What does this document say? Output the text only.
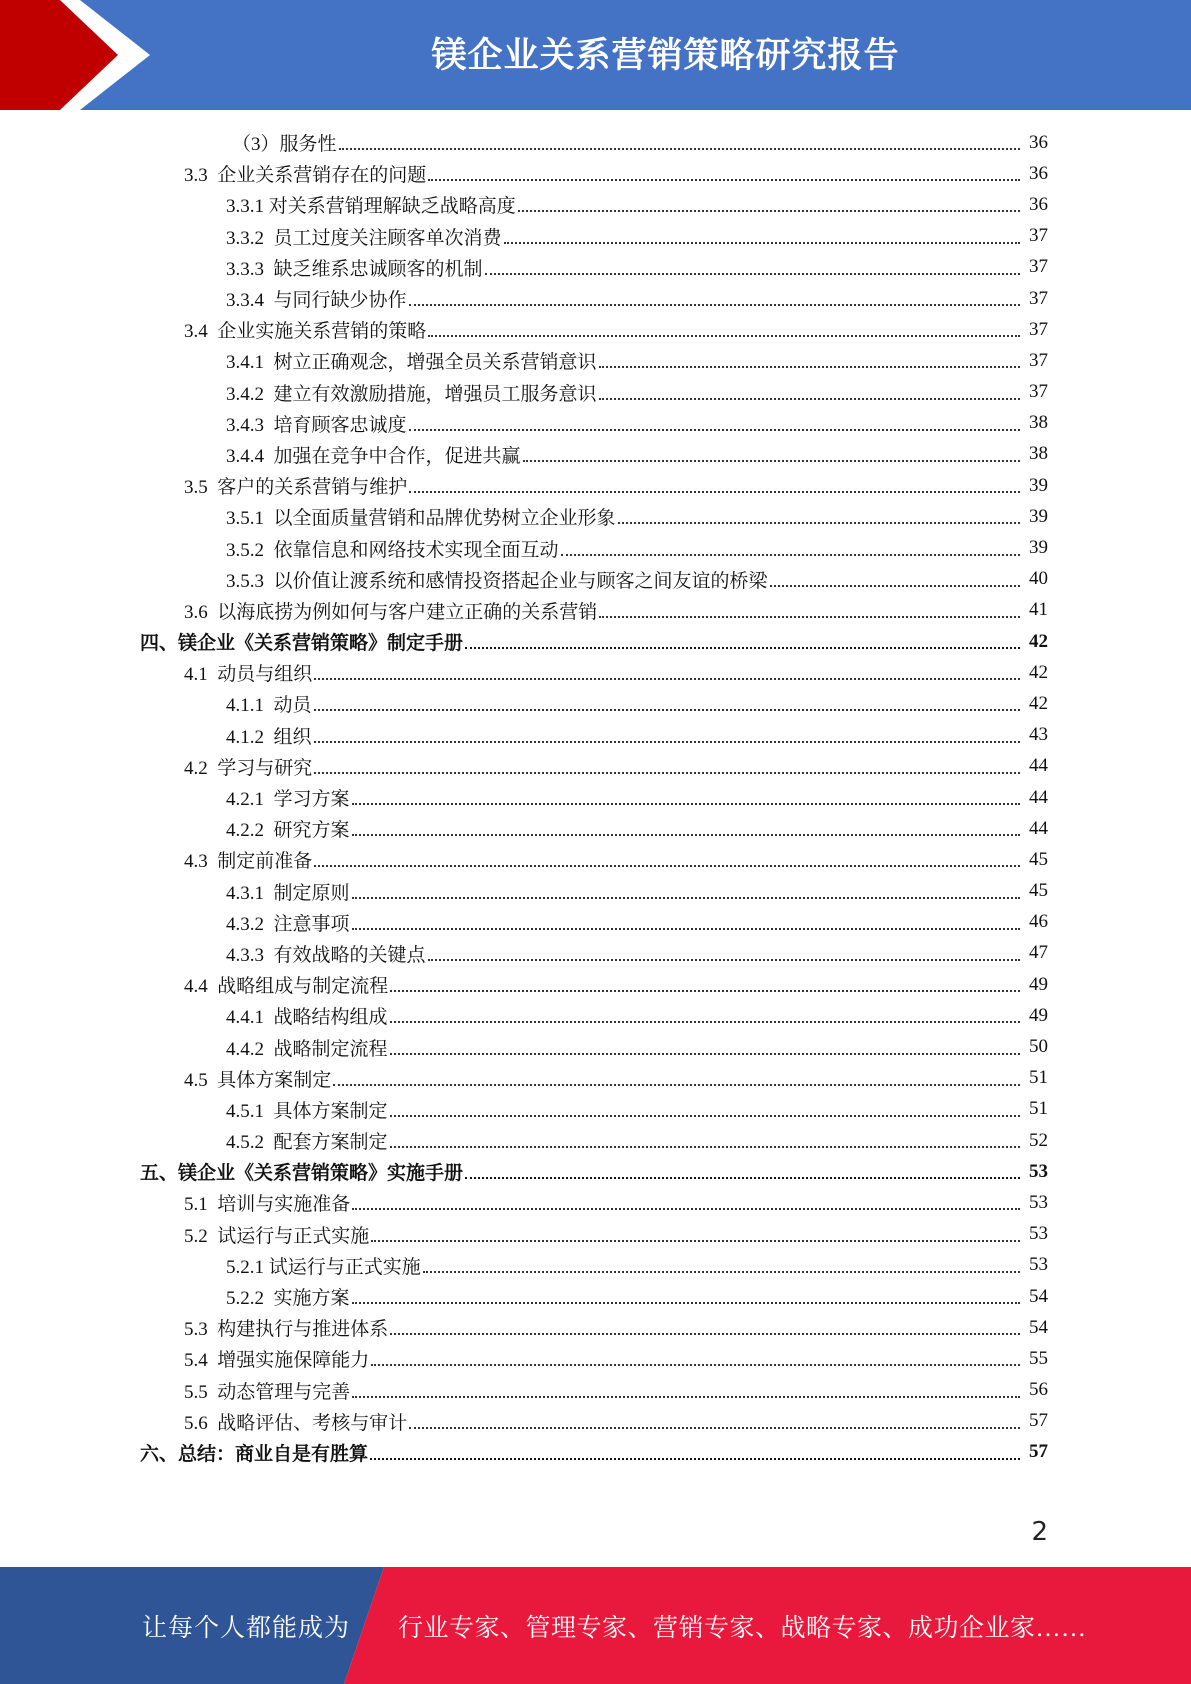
镁企业关系营销策略研究报告
（3）服务性	36
3.3  企业关系营销存在的问题	36
3.3.1 对关系营销理解缺乏战略高度	36
3.3.2  员工过度关注顾客单次消费	37
3.3.3  缺乏维系忠诚顾客的机制	37
3.3.4  与同行缺少协作	37
3.4  企业实施关系营销的策略	37
3.4.1  树立正确观念，增强全员关系营销意识	37
3.4.2  建立有效激励措施，增强员工服务意识	37
3.4.3  培育顾客忠诚度	38
3.4.4  加强在竞争中合作，促进共赢	38
3.5  客户的关系营销与维护	39
3.5.1  以全面质量营销和品牌优势树立企业形象	39
3.5.2  依靠信息和网络技术实现全面互动	39
3.5.3  以价值让渡系统和感情投资搭起企业与顾客之间友谊的桥梁	40
3.6  以海底捞为例如何与客户建立正确的关系营销	41
四、镁企业《关系营销策略》制定手册	42
4.1  动员与组织	42
4.1.1  动员	42
4.1.2  组织	43
4.2  学习与研究	44
4.2.1  学习方案	44
4.2.2  研究方案	44
4.3  制定前准备	45
4.3.1  制定原则	45
4.3.2  注意事项	46
4.3.3  有效战略的关键点	47
4.4  战略组成与制定流程	49
4.4.1  战略结构组成	49
4.4.2  战略制定流程	50
4.5  具体方案制定	51
4.5.1  具体方案制定	51
4.5.2  配套方案制定	52
五、镁企业《关系营销策略》实施手册	53
5.1  培训与实施准备	53
5.2  试运行与正式实施	53
5.2.1 试运行与正式实施	53
5.2.2  实施方案	54
5.3  构建执行与推进体系	54
5.4  增强实施保障能力	55
5.5  动态管理与完善	56
5.6  战略评估、考核与审计	57
六、总结：商业自是有胜算	57
2
让每个人都能成为 行业专家、管理专家、营销专家、战略专家、成功企业家……
